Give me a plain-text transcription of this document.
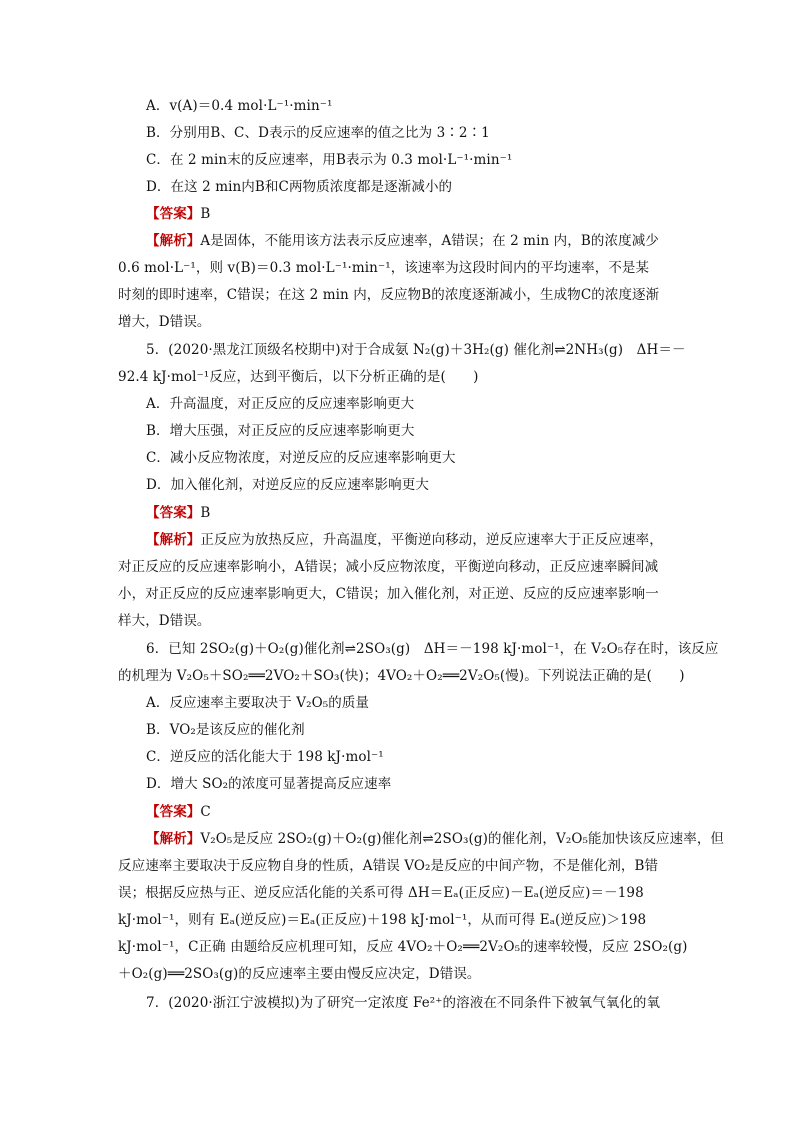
A．v(A)＝0.4 mol·L⁻¹·min⁻¹
B．分别用B、C、D表示的反应速率的值之比为 3∶2∶1
C．在 2 min末的反应速率，用B表示为 0.3 mol·L⁻¹·min⁻¹
D．在这 2 min内B和C两物质浓度都是逐渐减小的
【答案】B
【解析】A是固体，不能用该方法表示反应速率，A错误；在 2 min 内，B的浓度减少
0.6 mol·L⁻¹，则 v(B)＝0.3 mol·L⁻¹·min⁻¹，该速率为这段时间内的平均速率，不是某
时刻的即时速率，C错误；在这 2 min 内，反应物B的浓度逐渐减小，生成物C的浓度逐渐
增大，D错误。
5．(2020·黑龙江顶级名校期中)对于合成氨 N₂(g)＋3H₂(g) 催化剂⇌2NH₃(g)　ΔH＝－
92.4 kJ·mol⁻¹反应，达到平衡后，以下分析正确的是(　　)
A．升高温度，对正反应的反应速率影响更大
B．增大压强，对正反应的反应速率影响更大
C．减小反应物浓度，对逆反应的反应速率影响更大
D．加入催化剂，对逆反应的反应速率影响更大
【答案】B
【解析】正反应为放热反应，升高温度，平衡逆向移动，逆反应速率大于正反应速率，
对正反应的反应速率影响小，A错误；减小反应物浓度，平衡逆向移动，正反应速率瞬间减
小，对正反应的反应速率影响更大，C错误；加入催化剂，对正逆、反应的反应速率影响一
样大，D错误。
6．已知 2SO₂(g)＋O₂(g)催化剂⇌2SO₃(g)　ΔH＝－198 kJ·mol⁻¹，在 V₂O₅存在时，该反应
的机理为 V₂O₅＋SO₂══2VO₂＋SO₃(快)；4VO₂＋O₂══2V₂O₅(慢)。下列说法正确的是(　　)
A．反应速率主要取决于 V₂O₅的质量
B．VO₂是该反应的催化剂
C．逆反应的活化能大于 198 kJ·mol⁻¹
D．增大 SO₂的浓度可显著提高反应速率
【答案】C
【解析】V₂O₅是反应 2SO₂(g)＋O₂(g)催化剂⇌2SO₃(g)的催化剂，V₂O₅能加快该反应速率，但
反应速率主要取决于反应物自身的性质，A错误 VO₂是反应的中间产物，不是催化剂，B错
误；根据反应热与正、逆反应活化能的关系可得 ΔH＝Eₐ(正反应)－Eₐ(逆反应)＝－198
kJ·mol⁻¹，则有 Eₐ(逆反应)＝Eₐ(正反应)＋198 kJ·mol⁻¹，从而可得 Eₐ(逆反应)＞198
kJ·mol⁻¹，C正确 由题给反应机理可知，反应 4VO₂＋O₂══2V₂O₅的速率较慢，反应 2SO₂(g)
＋O₂(g)══2SO₃(g)的反应速率主要由慢反应决定，D错误。
7．(2020·浙江宁波模拟)为了研究一定浓度 Fe²⁺的溶液在不同条件下被氧气氧化的氧
